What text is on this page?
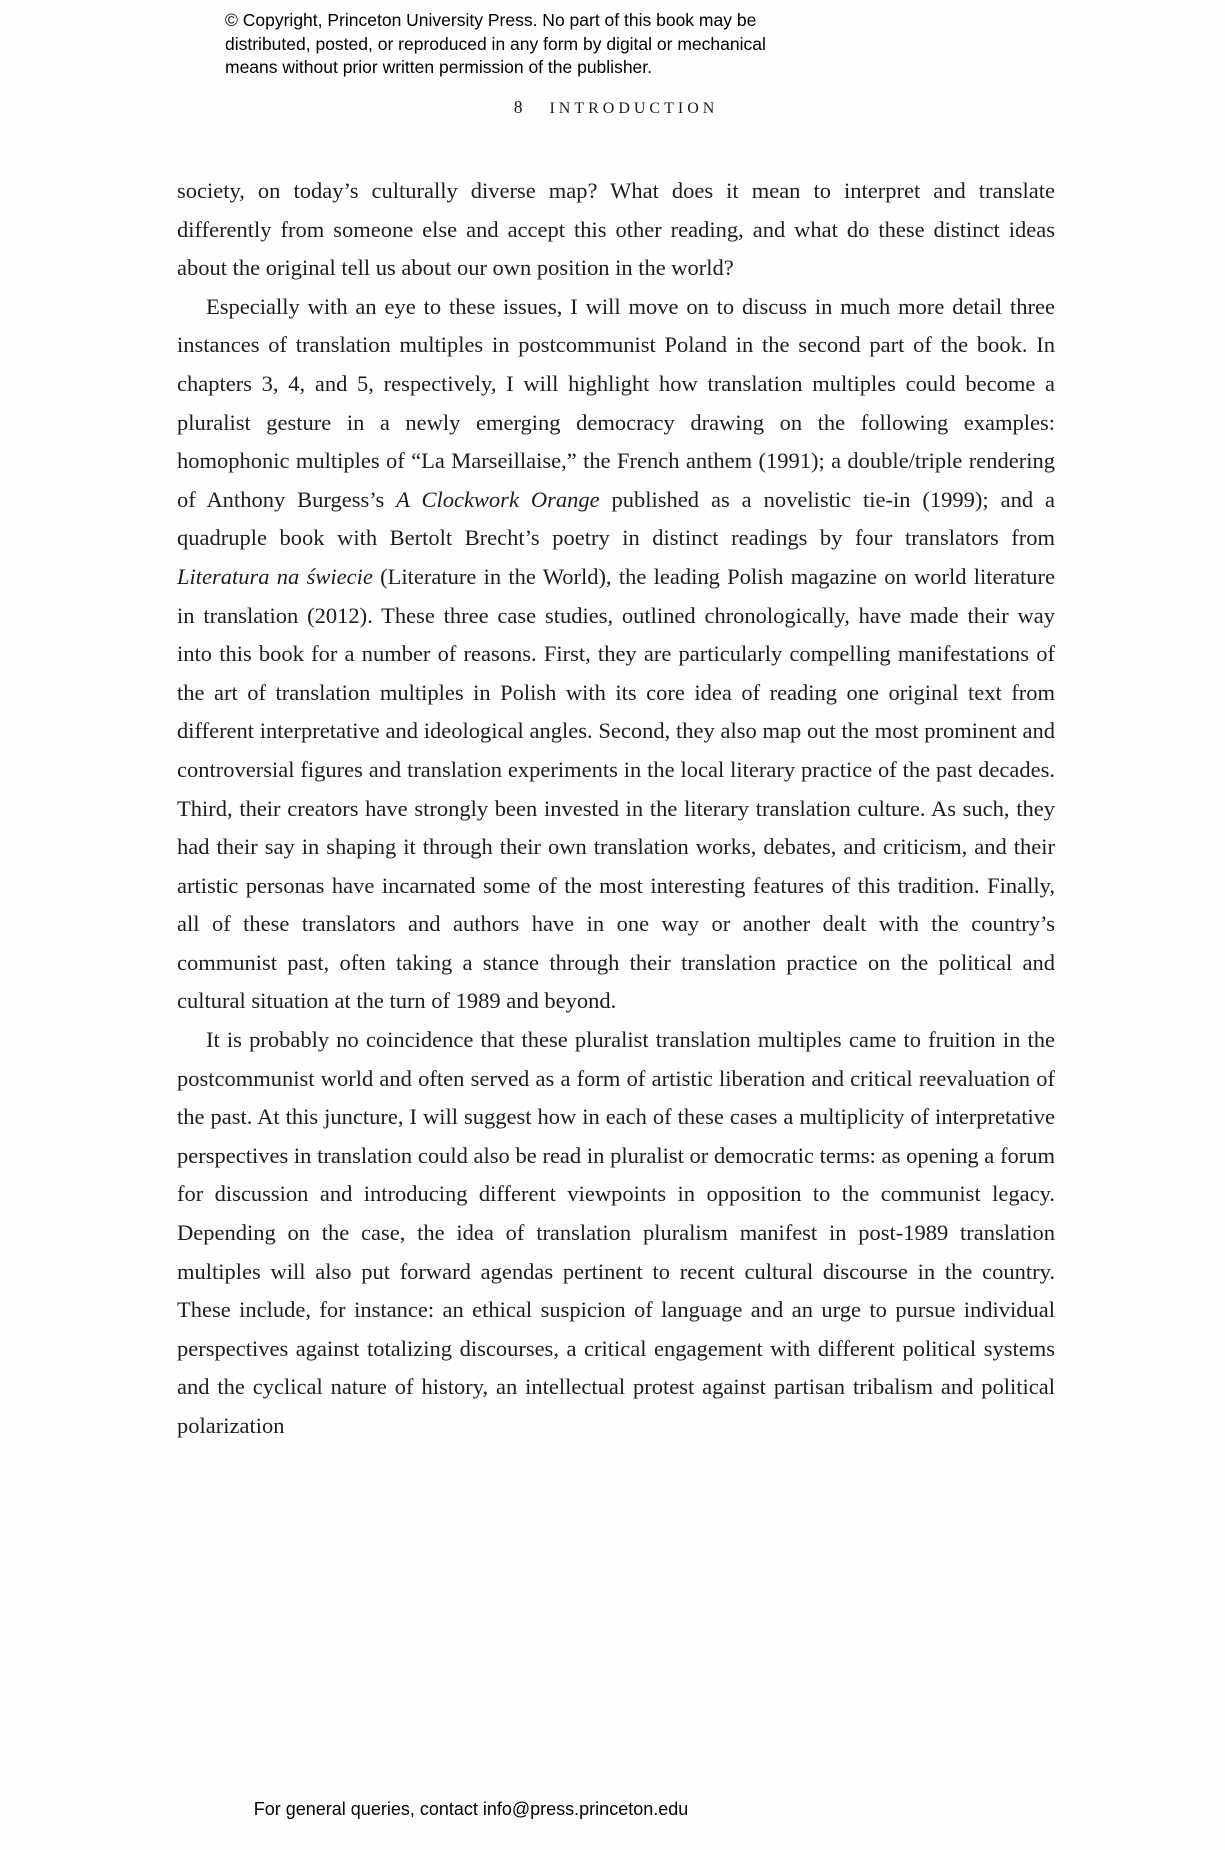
© Copyright, Princeton University Press. No part of this book may be
distributed, posted, or reproduced in any form by digital or mechanical
means without prior written permission of the publisher.
8 INTRODUCTION

society, on today’s culturally diverse map? What does it mean to interpret and translate differently from someone else and accept this other reading, and what do these distinct ideas about the original tell us about our own position in the world?

Especially with an eye to these issues, I will move on to discuss in much more detail three instances of translation multiples in postcommunist Poland in the second part of the book. In chapters 3, 4, and 5, respectively, I will highlight how translation multiples could become a pluralist gesture in a newly emerging democracy drawing on the following examples: homophonic multiples of “La Marseillaise,” the French anthem (1991); a double/triple rendering of Anthony Burgess’s A Clockwork Orange published as a novelistic tie-in (1999); and a quadruple book with Bertolt Brecht’s poetry in distinct readings by four translators from Literatura na świecie (Literature in the World), the leading Polish magazine on world literature in translation (2012). These three case studies, outlined chronologically, have made their way into this book for a number of reasons. First, they are particularly compelling manifestations of the art of translation multiples in Polish with its core idea of reading one original text from different interpretative and ideological angles. Second, they also map out the most prominent and controversial figures and translation experiments in the local literary practice of the past decades. Third, their creators have strongly been invested in the literary translation culture. As such, they had their say in shaping it through their own translation works, debates, and criticism, and their artistic personas have incarnated some of the most interesting features of this tradition. Finally, all of these translators and authors have in one way or another dealt with the country’s communist past, often taking a stance through their translation practice on the political and cultural situation at the turn of 1989 and beyond.

It is probably no coincidence that these pluralist translation multiples came to fruition in the postcommunist world and often served as a form of artistic liberation and critical reevaluation of the past. At this juncture, I will suggest how in each of these cases a multiplicity of interpretative perspectives in translation could also be read in pluralist or democratic terms: as opening a forum for discussion and introducing different viewpoints in opposition to the communist legacy. Depending on the case, the idea of translation pluralism manifest in post-1989 translation multiples will also put forward agendas pertinent to recent cultural discourse in the country. These include, for instance: an ethical suspicion of language and an urge to pursue individual perspectives against totalizing discourses, a critical engagement with different political systems and the cyclical nature of history, an intellectual protest against partisan tribalism and political polarization

For general queries, contact info@press.princeton.edu
